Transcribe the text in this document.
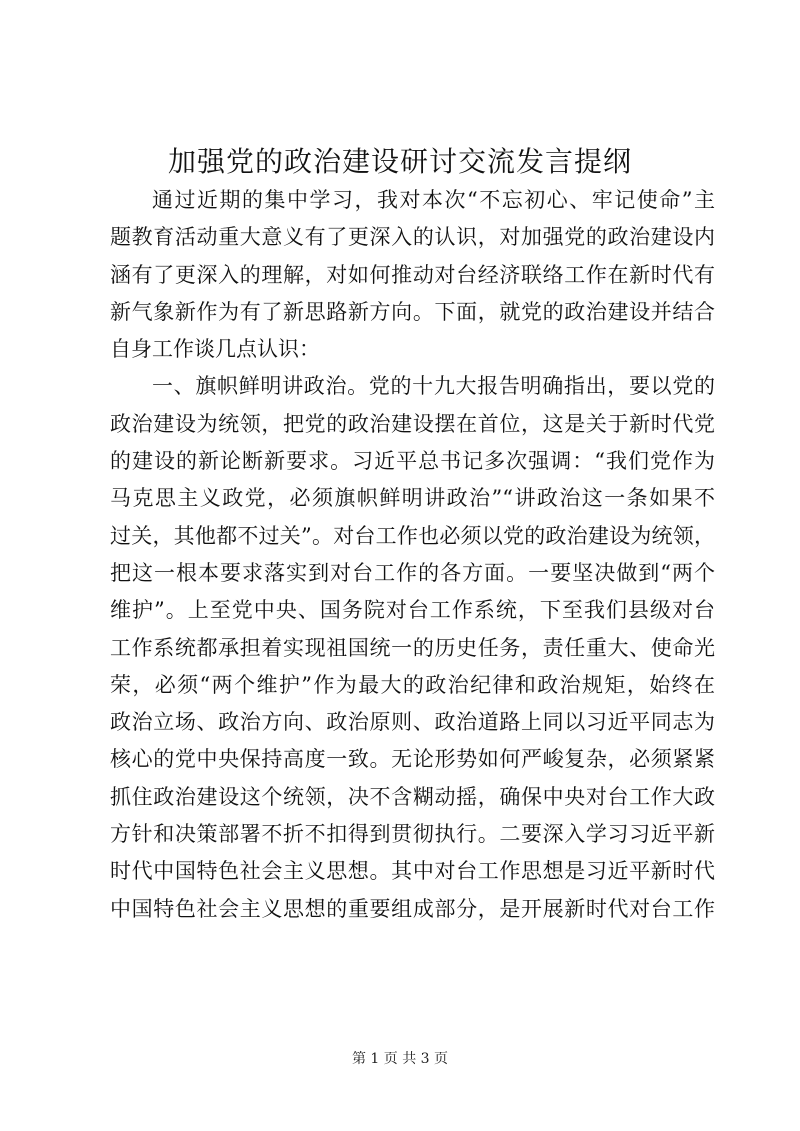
加强党的政治建设研讨交流发言提纲
通过近期的集中学习，我对本次“不忘初心、牢记使命”主
题教育活动重大意义有了更深入的认识，对加强党的政治建设内
涵有了更深入的理解，对如何推动对台经济联络工作在新时代有
新气象新作为有了新思路新方向。下面，就党的政治建设并结合
自身工作谈几点认识：
一、旗帜鲜明讲政治。党的十九大报告明确指出，要以党的
政治建设为统领，把党的政治建设摆在首位，这是关于新时代党
的建设的新论断新要求。习近平总书记多次强调：“我们党作为
马克思主义政党，必须旗帜鲜明讲政治”“讲政治这一条如果不
过关，其他都不过关”。对台工作也必须以党的政治建设为统领，
把这一根本要求落实到对台工作的各方面。一要坚决做到“两个
维护”。上至党中央、国务院对台工作系统，下至我们县级对台
工作系统都承担着实现祖国统一的历史任务，责任重大、使命光
荣，必须“两个维护”作为最大的政治纪律和政治规矩，始终在
政治立场、政治方向、政治原则、政治道路上同以习近平同志为
核心的党中央保持高度一致。无论形势如何严峻复杂，必须紧紧
抓住政治建设这个统领，决不含糊动摇，确保中央对台工作大政
方针和决策部署不折不扣得到贯彻执行。二要深入学习习近平新
时代中国特色社会主义思想。其中对台工作思想是习近平新时代
中国特色社会主义思想的重要组成部分，是开展新时代对台工作
第 1 页 共 3 页
